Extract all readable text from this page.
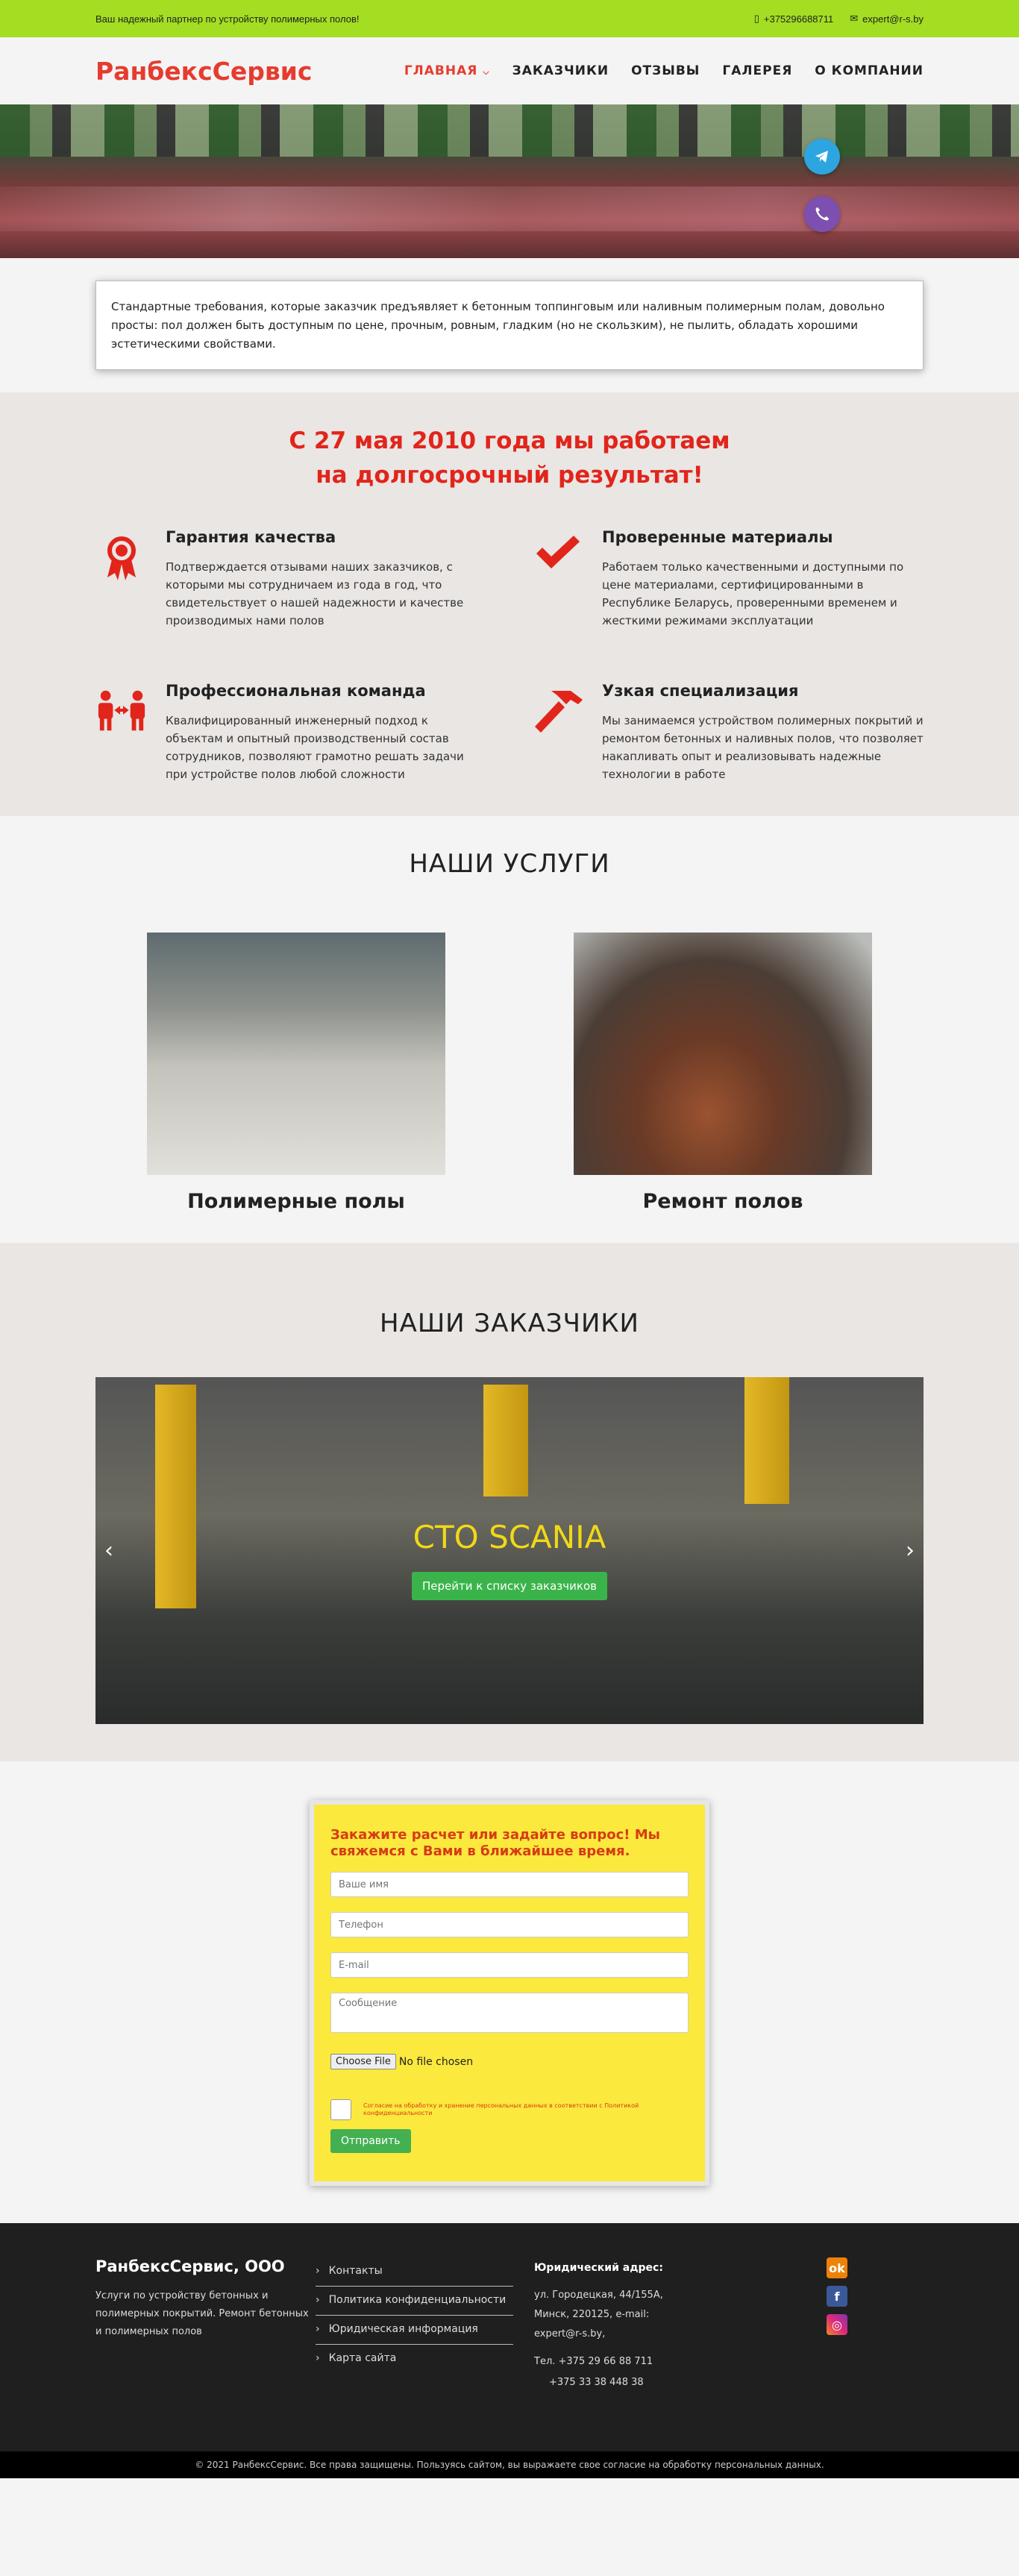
Ваш надежный партнер по устройству полимерных полов!	▯ +375296688711 ✉ expert@r-s.by
РанбексСервис	ГЛАВНАЯ ⌵ ЗАКАЗЧИКИ ОТЗЫВЫ ГАЛЕРЕЯ О КОМПАНИИ

Стандартные требования, которые заказчик предъявляет к бетонным топпинговым или наливным полимерным полам, довольно просты: пол должен быть доступным по цене, прочным, ровным, гладким (но не скользким), не пылить, обладать хорошими эстетическими свойствами.

С 27 мая 2010 года мы работаем
на долгосрочный результат!
Гарантия качества

Подтверждается отзывами наших заказчиков, с которыми мы сотрудничаем из года в год, что свидетельствует о нашей надежности и качестве производимых нами полов

Проверенные материалы

Работаем только качественными и доступными по цене материалами, сертифицированными в Республике Беларусь, проверенными временем и жесткими режимами эксплуатации

Профессиональная команда

Квалифицированный инженерный подход к объектам и опытный производственный состав сотрудников, позволяют грамотно решать задачи при устройстве полов любой сложности

Узкая специализация

Мы занимаемся устройством полимерных покрытий и ремонтом бетонных и наливных полов, что позволяет накапливать опыт и реализовывать надежные технологии в работе

НАШИ УСЛУГИ
Полимерные полы	Ремонт полов
НАШИ ЗАКАЗЧИКИ
СТО SCANIA
Перейти к списку заказчиков
‹	›
Закажите расчет или задайте вопрос! Мы свяжемся с Вами в ближайшее время.
Ваше имя Телефон E-mail Сообщение
Choose File No file chosen
Согласие на обработку и хранение персональных данных в соответствии с Политикой конфиденциальности
Отправить
РанбексСервис, ООО

Услуги по устройству бетонных и полимерных покрытий. Ремонт бетонных и полимерных полов

› Контакты
› Политика конфиденциальности
› Юридическая информация
› Карта сайта
Юридический адрес:
ул. Городецкая, 44/155А, Минск, 220125, e-mail: expert@r-s.by,
Тел. +375 29 66 88 711
+375 33 38 448 38
ok
f
◎
© 2021 РанбексСервис. Все права защищены. Пользуясь сайтом, вы выражаете свое согласие на обработку персональных данных.
